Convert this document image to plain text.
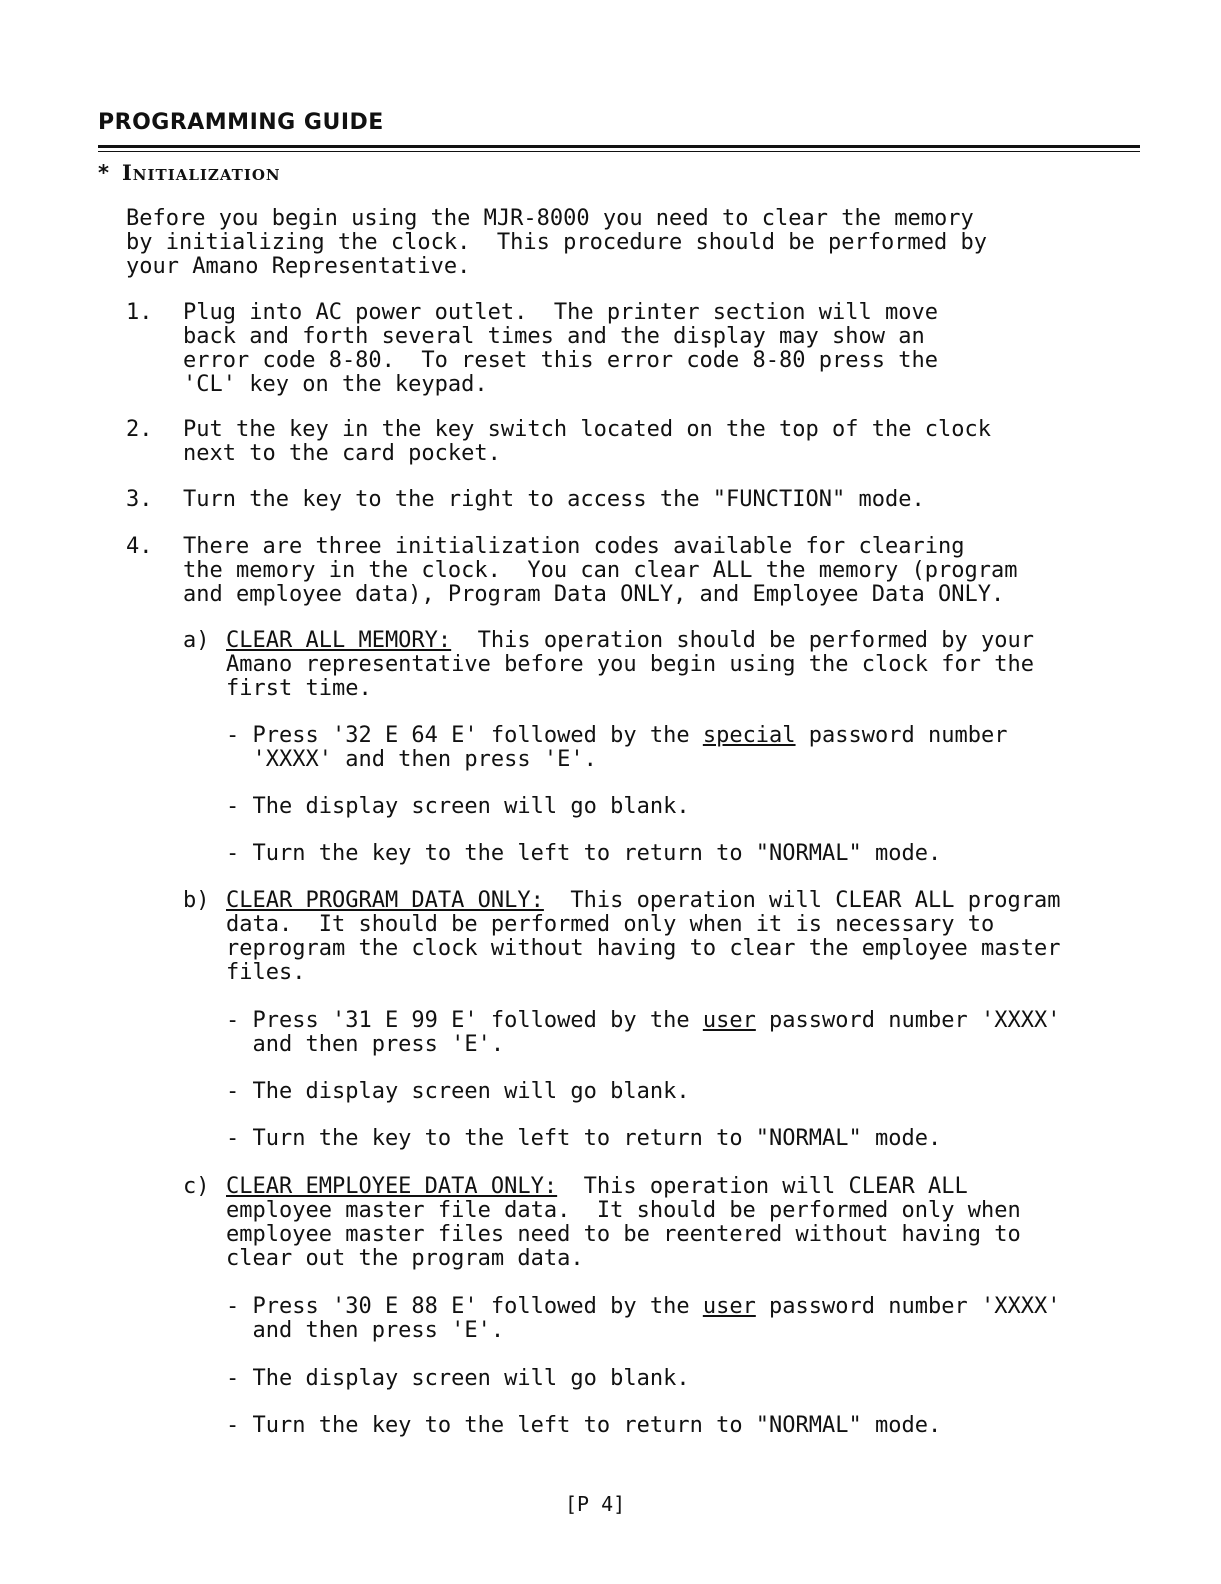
PROGRAMMING GUIDE
* Initialization
Before you begin using the MJR-8000 you need to clear the memory
by initializing the clock.  This procedure should be performed by
your Amano Representative.
1. Plug into AC power outlet.  The printer section will move
back and forth several times and the display may show an
error code 8-80.  To reset this error code 8-80 press the
'CL' key on the keypad.
2. Put the key in the key switch located on the top of the clock
next to the card pocket.
3. Turn the key to the right to access the "FUNCTION" mode.
4. There are three initialization codes available for clearing
the memory in the clock.  You can clear ALL the memory (program
and employee data), Program Data ONLY, and Employee Data ONLY.
a) CLEAR ALL MEMORY:  This operation should be performed by your
Amano representative before you begin using the clock for the
first time.
- Press '32 E 64 E' followed by the special password number
'XXXX' and then press 'E'.
- The display screen will go blank.
- Turn the key to the left to return to "NORMAL" mode.
b) CLEAR PROGRAM DATA ONLY:  This operation will CLEAR ALL program
data.  It should be performed only when it is necessary to
reprogram the clock without having to clear the employee master
files.
- Press '31 E 99 E' followed by the user password number 'XXXX'
and then press 'E'.
- The display screen will go blank.
- Turn the key to the left to return to "NORMAL" mode.
c) CLEAR EMPLOYEE DATA ONLY:  This operation will CLEAR ALL
employee master file data.  It should be performed only when
employee master files need to be reentered without having to
clear out the program data.
- Press '30 E 88 E' followed by the user password number 'XXXX'
and then press 'E'.
- The display screen will go blank.
- Turn the key to the left to return to "NORMAL" mode.
[P 4]
